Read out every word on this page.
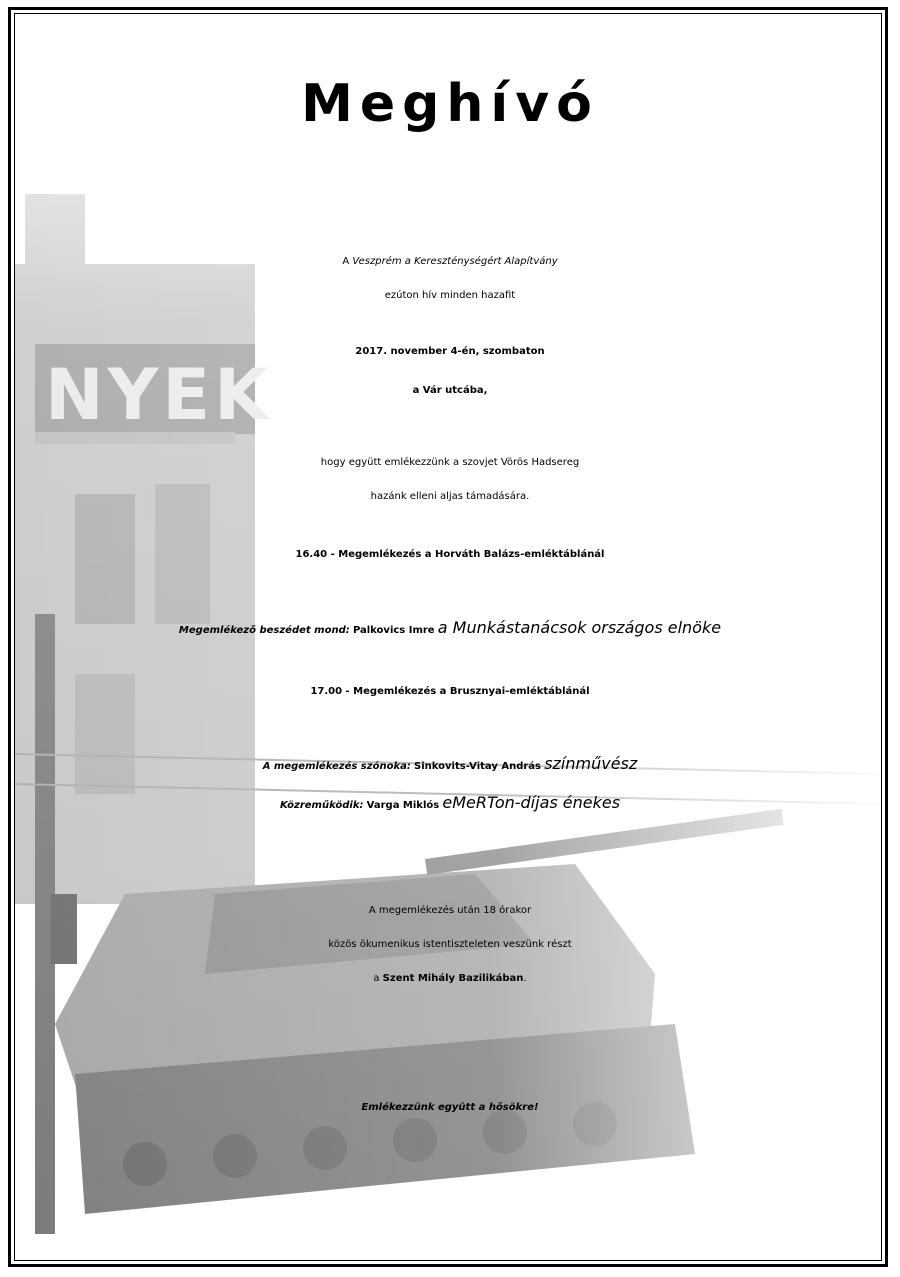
Meghívó
A Veszprém a Kereszténységért Alapítvány
ezúton hív minden hazafit
2017. november 4-én, szombaton
a Vár utcába,
hogy együtt emlékezzünk a szovjet Vörös Hadsereg
hazánk elleni aljas támadására.
16.40 - Megemlékezés a Horváth Balázs-emléktáblánál
Megemlékező beszédet mond: Palkovics Imre a Munkástanácsok országos elnöke
17.00 - Megemlékezés a Brusznyai-emléktáblánál
A megemlékezés szónoka: Sinkovits-Vitay András színművész
Közreműködik: Varga Miklós eMeRTon-díjas énekes
A megemlékezés után 18 órakor
közös ökumenikus istentiszteleten veszünk részt
a Szent Mihály Bazilikában.
Emlékezzünk együtt a hősökre!
